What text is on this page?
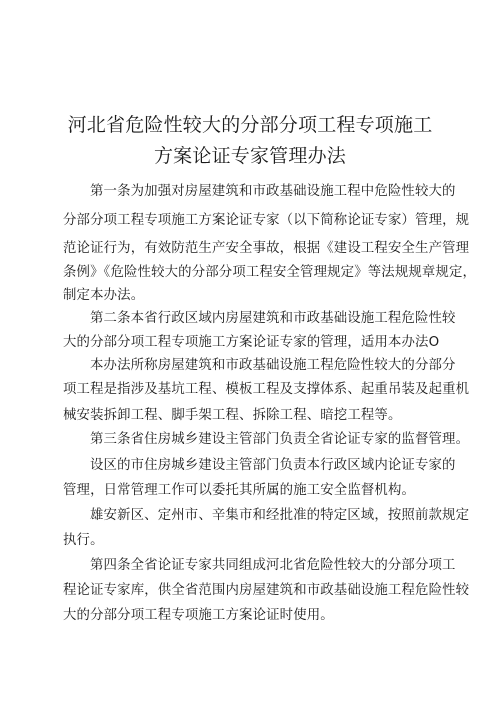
河北省危险性较大的分部分项工程专项施工
方案论证专家管理办法
第一条为加强对房屋建筑和市政基础设施工程中危险性较大的
分部分项工程专项施工方案论证专家（以下简称论证专家）管理，规
范论证行为，有效防范生产安全事故，根据《建设工程安全生产管理
条例》《危险性较大的分部分项工程安全管理规定》等法规规章规定，
制定本办法。
第二条本省行政区域内房屋建筑和市政基础设施工程危险性较
大的分部分项工程专项施工方案论证专家的管理，适用本办法O
本办法所称房屋建筑和市政基础设施工程危险性较大的分部分
项工程是指涉及基坑工程、模板工程及支撑体系、起重吊装及起重机
械安装拆卸工程、脚手架工程、拆除工程、暗挖工程等。
第三条省住房城乡建设主管部门负责全省论证专家的监督管理。
设区的市住房城乡建设主管部门负责本行政区域内论证专家的
管理，日常管理工作可以委托其所属的施工安全监督机构。
雄安新区、定州市、辛集市和经批准的特定区域，按照前款规定
执行。
第四条全省论证专家共同组成河北省危险性较大的分部分项工
程论证专家库，供全省范围内房屋建筑和市政基础设施工程危险性较
大的分部分项工程专项施工方案论证时使用。
